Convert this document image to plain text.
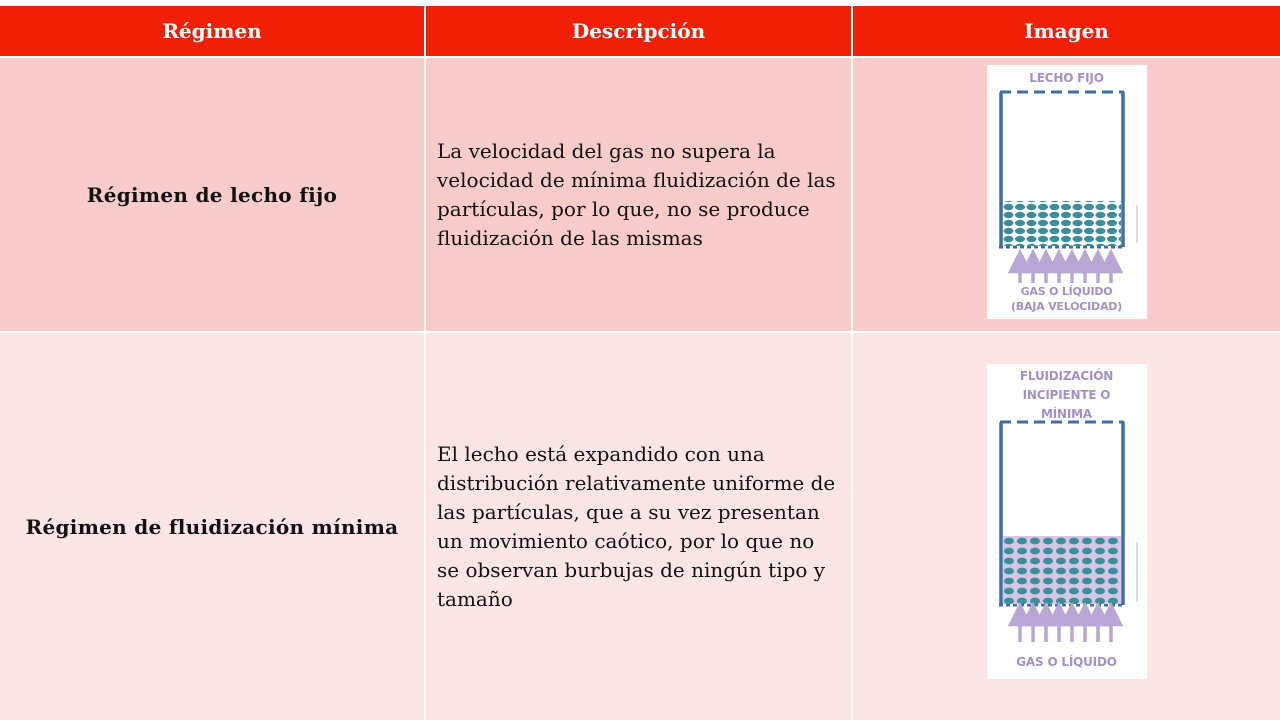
Régimen	Descripción	Imagen
Régimen de lecho fijo
La velocidad del gas no supera la velocidad de mínima fluidización de las partículas, por lo que, no se produce fluidización de las mismas
LECHO FIJO
GAS O LÍQUIDO
(BAJA VELOCIDAD)
Régimen de fluidización mínima
El lecho está expandido con una distribución relativamente uniforme de las partículas, que a su vez presentan un movimiento caótico, por lo que no se observan burbujas de ningún tipo y tamaño
FLUIDIZACIÓN
INCIPIENTE O
MÍNIMA
GAS O LÍQUIDO
